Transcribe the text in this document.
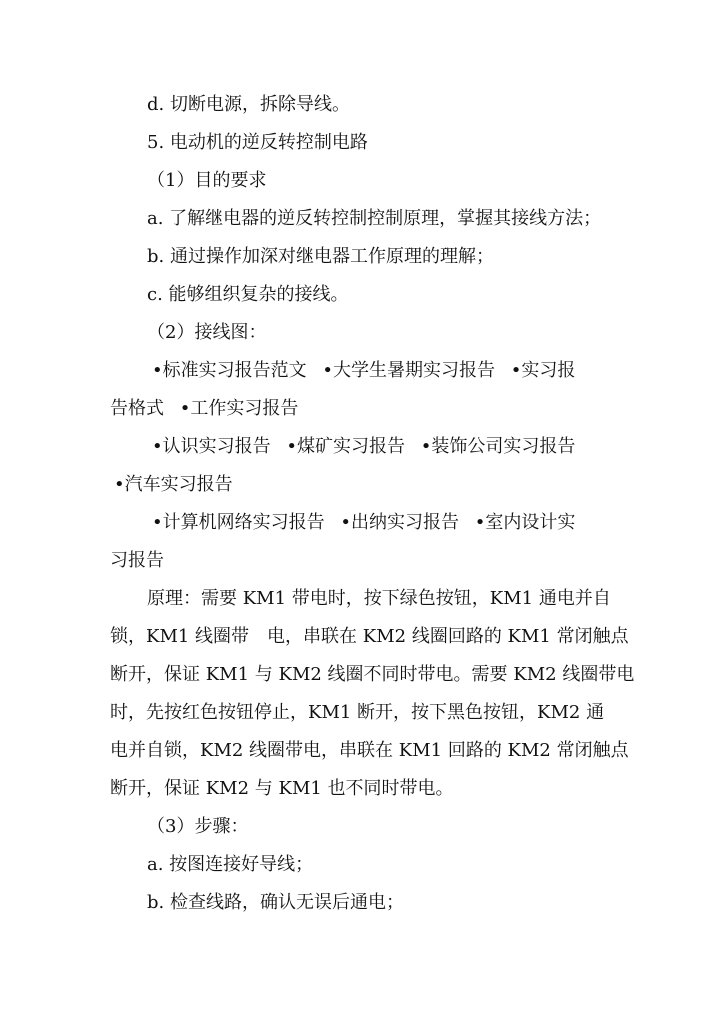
d. 切断电源，拆除导线。
5. 电动机的逆反转控制电路
（1）目的要求
a. 了解继电器的逆反转控制控制原理，掌握其接线方法；
b. 通过操作加深对继电器工作原理的理解；
c. 能够组织复杂的接线。
（2）接线图：
•标准实习报告范文 •大学生暑期实习报告 •实习报
告格式 •工作实习报告
•认识实习报告 •煤矿实习报告 •装饰公司实习报告
•汽车实习报告
•计算机网络实习报告 •出纳实习报告 •室内设计实
习报告
原理：需要 KM1 带电时，按下绿色按钮，KM1 通电并自
锁，KM1 线圈带　电，串联在 KM2 线圈回路的 KM1 常闭触点
断开，保证 KM1 与 KM2 线圈不同时带电。需要 KM2 线圈带电
时，先按红色按钮停止，KM1 断开，按下黑色按钮，KM2 通
电并自锁，KM2 线圈带电，串联在 KM1 回路的 KM2 常闭触点
断开，保证 KM2 与 KM1 也不同时带电。
（3）步骤：
a. 按图连接好导线；
b. 检查线路，确认无误后通电；
